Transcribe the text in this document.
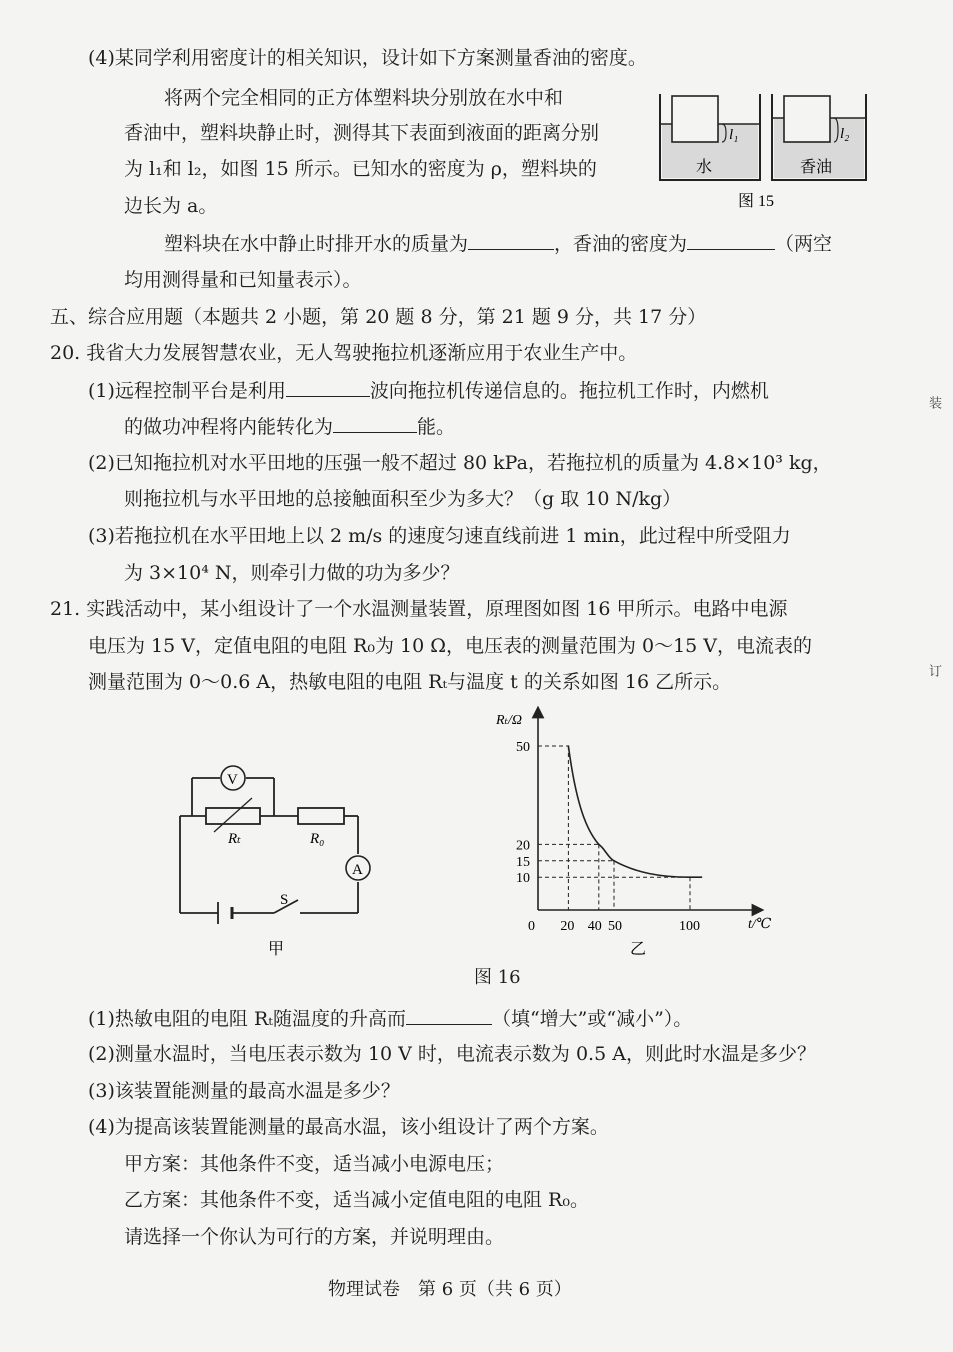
(4)某同学利用密度计的相关知识，设计如下方案测量香油的密度。
将两个完全相同的正方体塑料块分别放在水中和
香油中，塑料块静止时，测得其下表面到液面的距离分别
为 l₁和 l₂，如图 15 所示。已知水的密度为 ρ，塑料块的
边长为 a。
l₁
水
l₂
香油
图 15
塑料块在水中静止时排开水的质量为	，香油的密度为	（两空
均用测得量和已知量表示）。
五、综合应用题（本题共 2 小题，第 20 题 8 分，第 21 题 9 分，共 17 分）
20. 我省大力发展智慧农业，无人驾驶拖拉机逐渐应用于农业生产中。
(1)远程控制平台是利用	波向拖拉机传递信息的。拖拉机工作时，内燃机
的做功冲程将内能转化为	能。
(2)已知拖拉机对水平田地的压强一般不超过 80 kPa，若拖拉机的质量为 4.8×10³ kg，
则拖拉机与水平田地的总接触面积至少为多大？（g 取 10 N/kg）
(3)若拖拉机在水平田地上以 2 m/s 的速度匀速直线前进 1 min，此过程中所受阻力
为 3×10⁴ N，则牵引力做的功为多少？
21. 实践活动中，某小组设计了一个水温测量装置，原理图如图 16 甲所示。电路中电源
电压为 15 V，定值电阻的电阻 R₀为 10 Ω，电压表的测量范围为 0～15 V，电流表的
测量范围为 0～0.6 A，热敏电阻的电阻 Rₜ与温度 t 的关系如图 16 乙所示。
V
A
Rₜ	R₀
S
甲
0 20 40 50	100
10
15
20
50
Rₜ/Ω
t/℃
乙
图 16
(1)热敏电阻的电阻 Rₜ随温度的升高而	（填“增大”或“减小”）。
(2)测量水温时，当电压表示数为 10 V 时，电流表示数为 0.5 A，则此时水温是多少？
(3)该装置能测量的最高水温是多少？
(4)为提高该装置能测量的最高水温，该小组设计了两个方案。
甲方案：其他条件不变，适当减小电源电压；
乙方案：其他条件不变，适当减小定值电阻的电阻 R₀。
请选择一个你认为可行的方案，并说明理由。
物理试卷　第 6 页（共 6 页）
装
订
